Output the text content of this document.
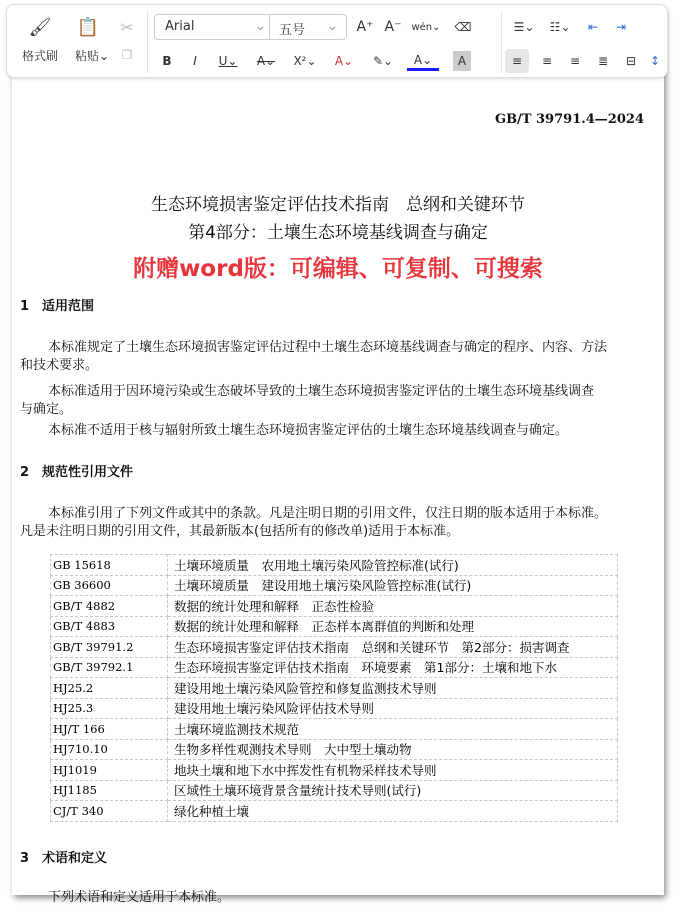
GB/T 39791.4—2024
生态环境损害鉴定评估技术指南　总纲和关键环节
第4部分：土壤生态环境基线调查与确定
附赠word版：可编辑、可复制、可搜索
1　适用范围
本标准规定了土壤生态环境损害鉴定评估过程中土壤生态环境基线调查与确定的程序、内容、方法
和技术要求。
本标准适用于因环境污染或生态破坏导致的土壤生态环境损害鉴定评估的土壤生态环境基线调查
与确定。
本标准不适用于核与辐射所致土壤生态环境损害鉴定评估的土壤生态环境基线调查与确定。
2　规范性引用文件
本标准引用了下列文件或其中的条款。凡是注明日期的引用文件，仅注日期的版本适用于本标准。
凡是未注明日期的引用文件，其最新版本(包括所有的修改单)适用于本标准。
GB 15618	土壤环境质量　农用地土壤污染风险管控标准(试行)
GB 36600	土壤环境质量　建设用地土壤污染风险管控标准(试行)
GB/T 4882	数据的统计处理和解释　正态性检验
GB/T 4883	数据的统计处理和解释　正态样本离群值的判断和处理
GB/T 39791.2	生态环境损害鉴定评估技术指南　总纲和关键环节　第2部分：损害调查
GB/T 39792.1	生态环境损害鉴定评估技术指南　环境要素　第1部分：土壤和地下水
HJ25.2	建设用地土壤污染风险管控和修复监测技术导则
HJ25.3	建设用地土壤污染风险评估技术导则
HJ/T 166	土壤环境监测技术规范
HJ710.10	生物多样性观测技术导则　大中型土壤动物
HJ1019	地块土壤和地下水中挥发性有机物采样技术导则
HJ1185	区域性土壤环境背景含量统计技术导则(试行)
CJ/T 340	绿化种植土壤
3　术语和定义
下列术语和定义适用于本标准。
🖌
格式刷
📋
粘贴 ⌄
✂
❐
Arial	⌄ 五号 ⌄ A⁺ A⁻ wén ⌄ ⌫
B	I	U⌄	A⌄	X²⌄	A⌄	✎⌄	A⌄	A
☰⌄	☷⌄	⇤	⇥
≡	≡	≡	≣	⊟	↕
